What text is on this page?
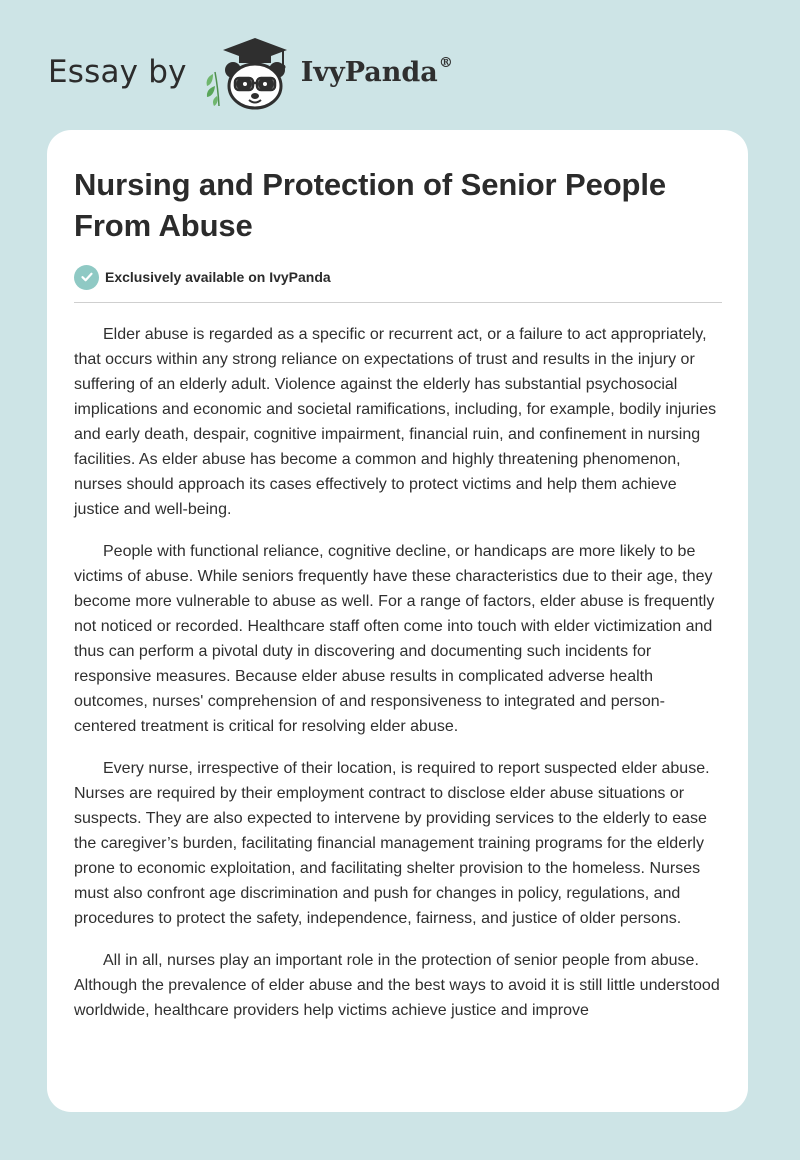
Essay by	IvyPanda®
Nursing and Protection of Senior People From Abuse
Exclusively available on IvyPanda

Elder abuse is regarded as a specific or recurrent act, or a failure to act appropriately, that occurs within any strong reliance on expectations of trust and results in the injury or suffering of an elderly adult. Violence against the elderly has substantial psychosocial implications and economic and societal ramifications, including, for example, bodily injuries and early death, despair, cognitive impairment, financial ruin, and confinement in nursing facilities. As elder abuse has become a common and highly threatening phenomenon, nurses should approach its cases effectively to protect victims and help them achieve justice and well-being.

People with functional reliance, cognitive decline, or handicaps are more likely to be victims of abuse. While seniors frequently have these characteristics due to their age, they become more vulnerable to abuse as well. For a range of factors, elder abuse is frequently not noticed or recorded. Healthcare staff often come into touch with elder victimization and thus can perform a pivotal duty in discovering and documenting such incidents for responsive measures. Because elder abuse results in complicated adverse health outcomes, nurses' comprehension of and responsiveness to integrated and person-centered treatment is critical for resolving elder abuse.

Every nurse, irrespective of their location, is required to report suspected elder abuse. Nurses are required by their employment contract to disclose elder abuse situations or suspects. They are also expected to intervene by providing services to the elderly to ease the caregiver’s burden, facilitating financial management training programs for the elderly prone to economic exploitation, and facilitating shelter provision to the homeless. Nurses must also confront age discrimination and push for changes in policy, regulations, and procedures to protect the safety, independence, fairness, and justice of older persons.

All in all, nurses play an important role in the protection of senior people from abuse. Although the prevalence of elder abuse and the best ways to avoid it is still little understood worldwide, healthcare providers help victims achieve justice and improve
